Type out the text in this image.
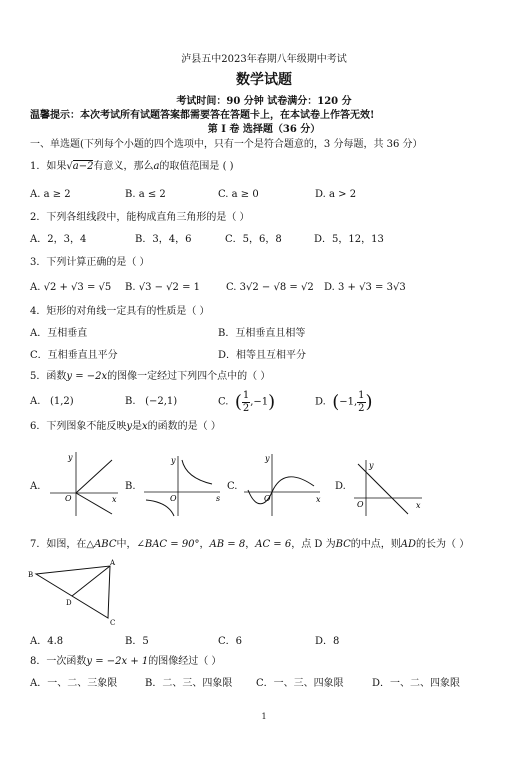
泸县五中2023年春期八年级期中考试
数学试题
考试时间：90 分钟 试卷满分：120 分
温馨提示：本次考试所有试题答案都需要答在答题卡上，在本试卷上作答无效!
第 I 卷 选择题（36 分）
一、单选题(下列每个小题的四个选项中，只有一个是符合题意的，3 分每题，共 36 分）
1．如果√a−2有意义，那么a的取值范围是 ( )
A. a ≥ 2	B. a ≤ 2	C. a ≥ 0	D. a > 2
2．下列各组线段中，能构成直角三角形的是（ ）
A．2，3，4	B．3，4，6	C．5，6，8	D．5，12，13
3．下列计算正确的是（ ）
A. √2 + √3 = √5 B. √3 − √2 = 1	C. 3√2 − √8 = √2 D. 3 + √3 = 3√3
4．矩形的对角线一定具有的性质是（ ）
A．互相垂直	B．互相垂直且相等
C．互相垂直且平分	D．相等且互相平分
5．函数y = −2x的图像一定经过下列四个点中的（ ）
A. (1,2)	B. (−2,1)	C. ( $\frac{1}{2} ,-1$)	D. (−1, $\frac{1}{2}$ )
6．下列图象不能反映y是x的函数的是（ ）
A.	B.	C.	D.
y
x
O
y
s
O
y
x
O
y
x
O
7．如图，在△ABC中，∠BAC = 90°，AB = 8，AC = 6，点 D 为BC的中点，则AD的长为（ ）
B
A
C
D
A．4.8	B．5	C．6	D．8
8．一次函数y = −2x + 1的图像经过（ ）
A．一、二、三象限	B．二、三、四象限 C．一、三、四象限	D．一、二、四象限
1
